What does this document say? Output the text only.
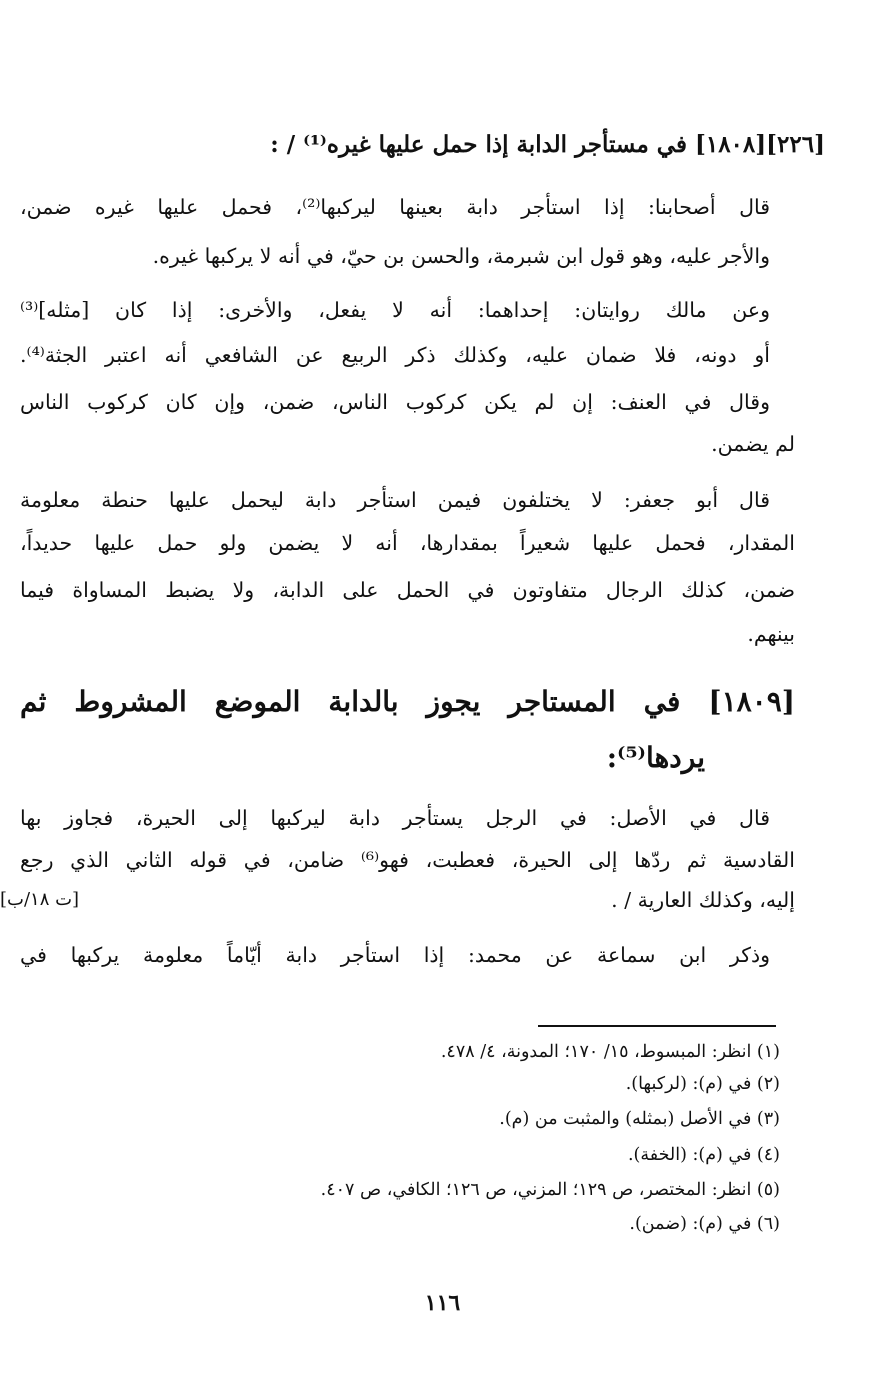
[٢٢٦][١٨٠٨] في مستأجر الدابة إذا حمل عليها غيره⁽¹⁾ / :
قال أصحابنا: إذا استأجر دابة بعينها ليركبها⁽²⁾، فحمل عليها غيره ضمن،
والأجر عليه، وهو قول ابن شبرمة، والحسن بن حيّ، في أنه لا يركبها غيره.
وعن مالك روايتان: إحداهما: أنه لا يفعل، والأخرى: إذا كان [مثله]⁽³⁾
أو دونه، فلا ضمان عليه، وكذلك ذكر الربيع عن الشافعي أنه اعتبر الجثة⁽⁴⁾.
وقال في العنف: إن لم يكن كركوب الناس، ضمن، وإن كان كركوب الناس
لم يضمن.
قال أبو جعفر: لا يختلفون فيمن استأجر دابة ليحمل عليها حنطة معلومة
المقدار، فحمل عليها شعيراً بمقدارها، أنه لا يضمن ولو حمل عليها حديداً،
ضمن، كذلك الرجال متفاوتون في الحمل على الدابة، ولا يضبط المساواة فيما
بينهم.
[١٨٠٩] في المستاجر يجوز بالدابة الموضع المشروط ثم
يردها⁽⁵⁾:
قال في الأصل: في الرجل يستأجر دابة ليركبها إلى الحيرة، فجاوز بها
القادسية ثم ردّها إلى الحيرة، فعطبت، فهو⁽⁶⁾ ضامن، في قوله الثاني الذي رجع
إليه، وكذلك العارية / .
[ت ١٨/ب]
وذكر ابن سماعة عن محمد: إذا استأجر دابة أيّاماً معلومة يركبها في
(١) انظر: المبسوط، ١٥/ ١٧٠؛ المدونة، ٤/ ٤٧٨.
(٢) في (م): (لركبها).
(٣) في الأصل (بمثله) والمثبت من (م).
(٤) في (م): (الخفة).
(٥) انظر: المختصر، ص ١٢٩؛ المزني، ص ١٢٦؛ الكافي، ص ٤٠٧.
(٦) في (م): (ضمن).
١١٦
